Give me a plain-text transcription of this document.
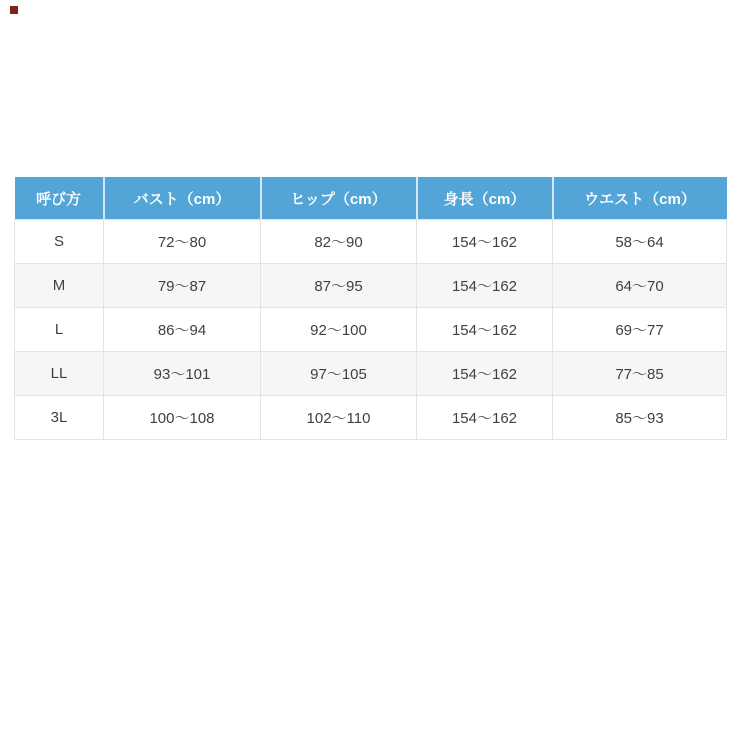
呼び方	バスト（cm）	ヒップ（cm）	身長（cm）	ウエスト（cm）
S	72～80	82～90	154～162	58～64
M	79～87	87～95	154～162	64～70
L	86～94	92～100	154～162	69～77
LL	93～101	97～105	154～162	77～85
3L	100～108	102～110	154～162	85～93
